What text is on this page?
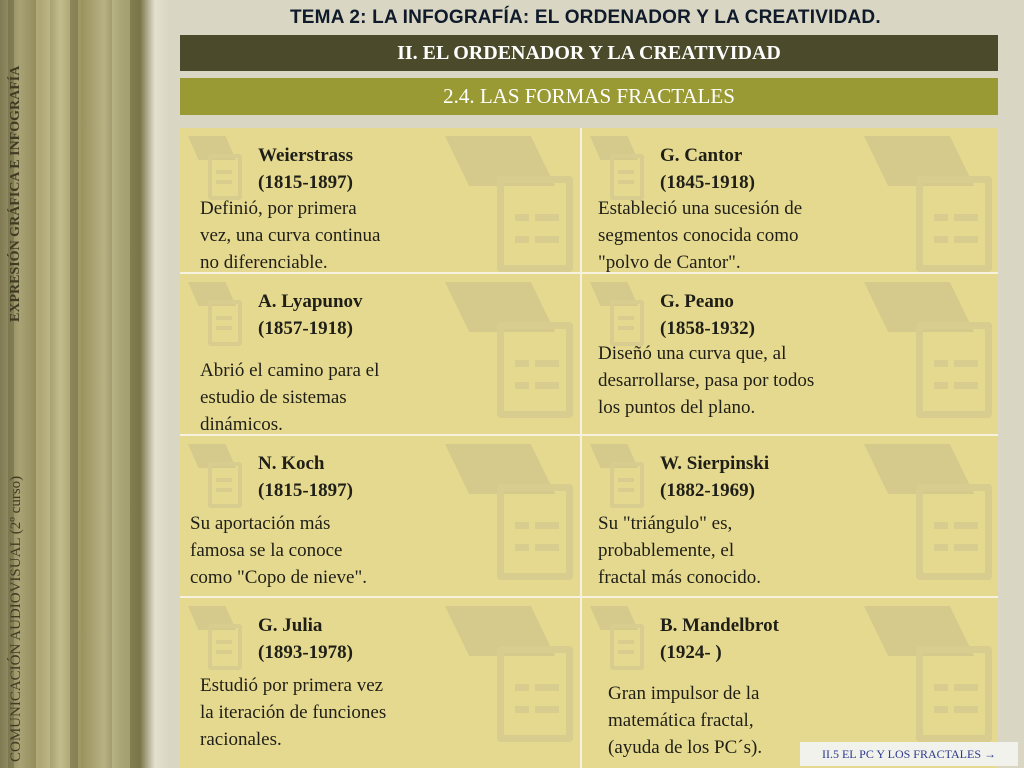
EXPRESIÓN GRÁFICA E INFOGRAFÍA
COMUNICACIÓN AUDIOVISUAL (2º curso)
TEMA 2: LA INFOGRAFÍA: EL ORDENADOR Y LA CREATIVIDAD.
II. EL ORDENADOR Y LA CREATIVIDAD
2.4. LAS FORMAS FRACTALES
Weierstrass
(1815-1897)
Definió, por primera
vez, una curva continua
no diferenciable.
G. Cantor
(1845-1918)
Estableció una sucesión de
segmentos conocida como
"polvo de Cantor".
A. Lyapunov
(1857-1918)
Abrió el camino para el
estudio de sistemas
dinámicos.
G. Peano
(1858-1932)
Diseñó una curva que, al
desarrollarse, pasa por todos
los puntos del plano.
N. Koch
(1815-1897)
Su aportación más
famosa se la conoce
como "Copo de nieve".
W. Sierpinski
(1882-1969)
Su "triángulo" es,
probablemente, el
fractal más conocido.
G. Julia
(1893-1978)
Estudió por primera vez
la iteración de funciones
racionales.
B. Mandelbrot
(1924- )
Gran impulsor de la
matemática fractal,
(ayuda de los PC´s).	II.5 EL PC Y LOS FRACTALES →
